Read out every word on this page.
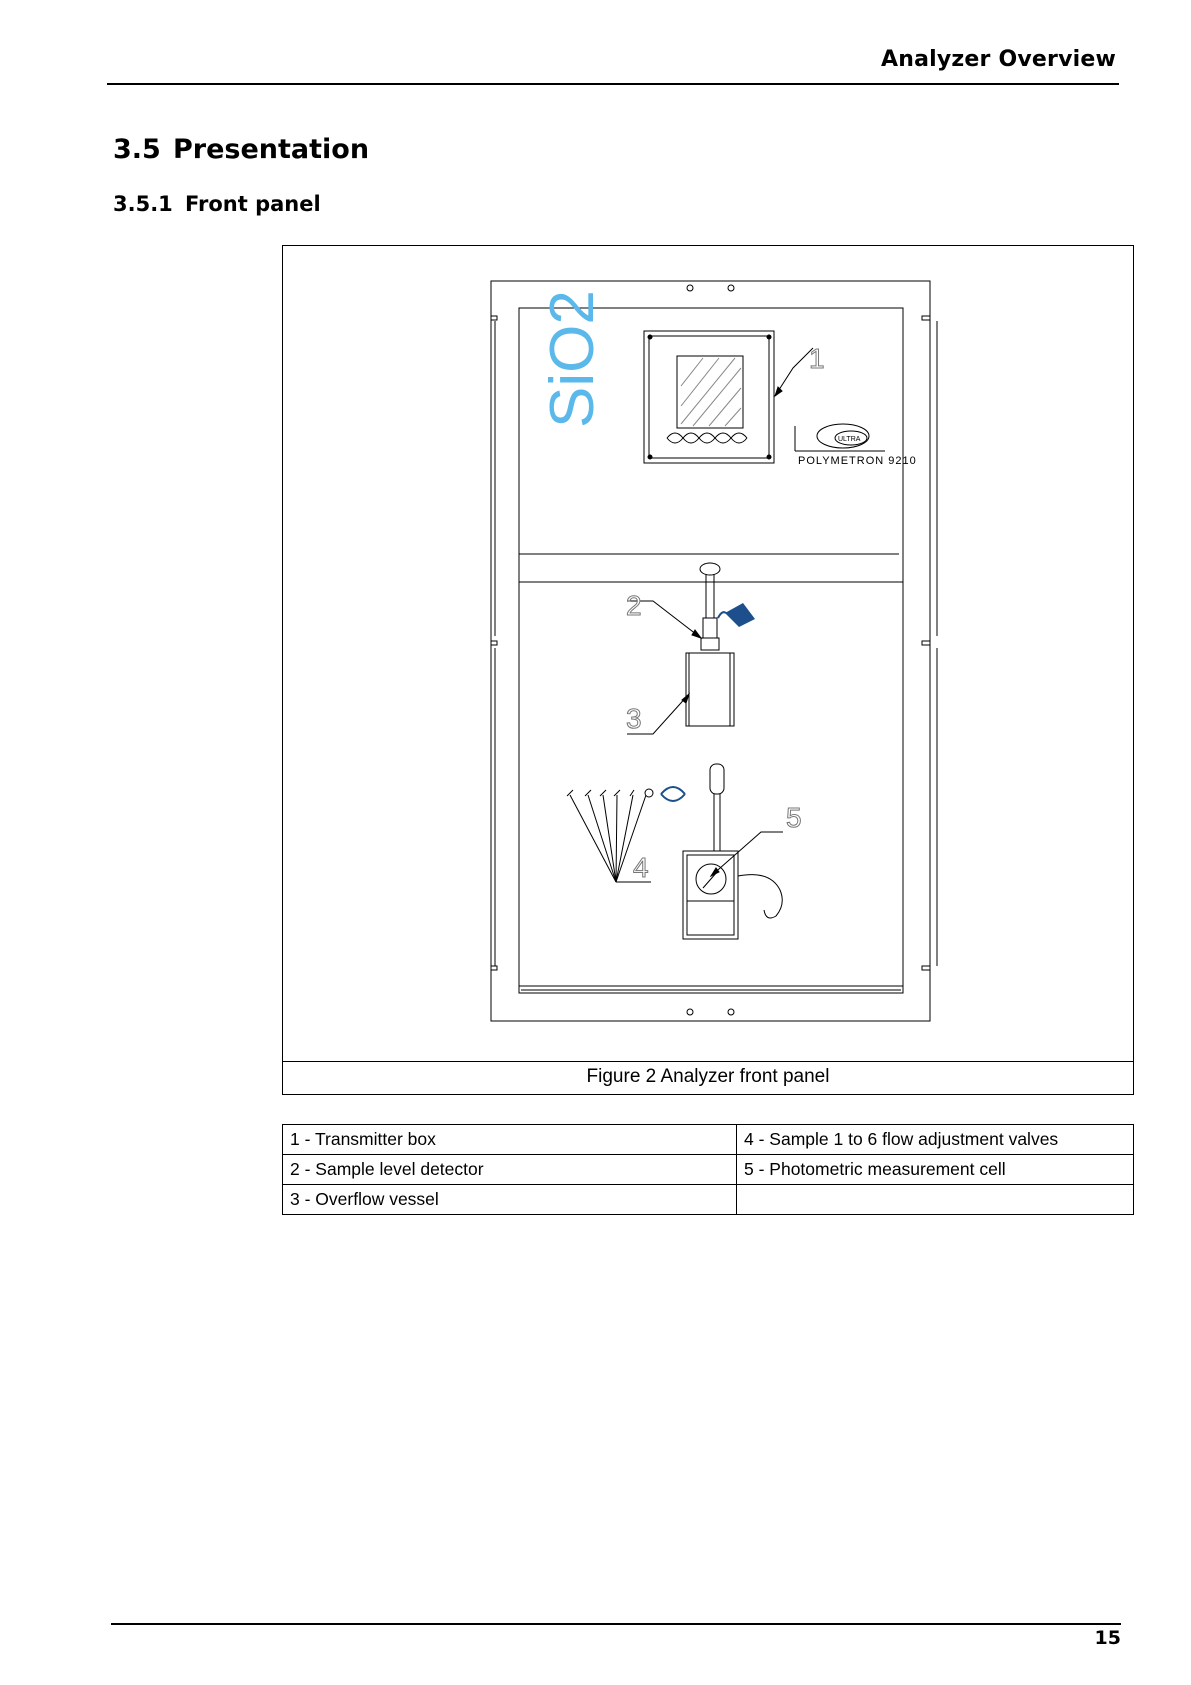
Analyzer Overview
3.5 Presentation
3.5.1 Front panel
SiO2
POLYMETRON 9210
ULTRA
1
2
3
4
5
Figure 2 Analyzer front panel
1 - Transmitter box	4 - Sample 1 to 6 flow adjustment valves
2 - Sample level detector	5 - Photometric measurement cell
3 - Overflow vessel	
15
